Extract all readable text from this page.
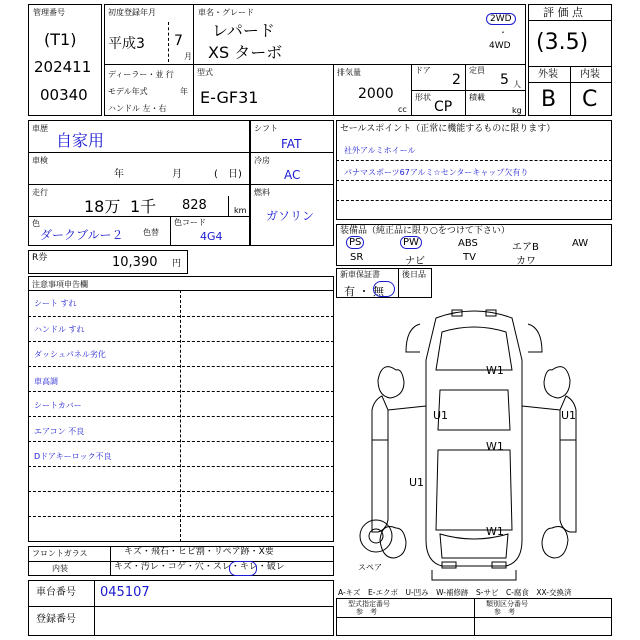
管理番号
(T1)
202411
00340
初度登録年月
平成3 7
月
車名・グレード
レパード
XS ターボ
2WD
・
4WD
ディーラー・並 行
モデル年式	年
ハンドル 左・右
型式
E-GF31
排気量
2000
cc
ドア
2
定員
5 人
形状
CP
積載
kg
評 価 点
(3.5)
外装 内装
B C
車歴
自家用
車検
年	月	( 日)
走行
18万 1千 828	km
色
ダークブルー２ 色替
色コード
4G4
シフト
FAT
冷房
AC
燃料
ガソリン
セールスポイント（正常に機能するものに限ります）
社外アルミホイール
パナマスポーツ67アルミ☆センターキャップ欠有り
装備品（純正品に限り○をつけて下さい）
PS	PW	ABS	エアB	AW
SR	ナビ	TV	カワ
R券	10,390 円
新車保証書	後日品
有 ・ 無
注意事項申告欄
シート すれ
ハンドル すれ
ダッシュパネル劣化
車高調
シートカバー
エアコン 不良
Dドアキーロック不良
W1
W1
W1
U1	U1
U1
スペア
A-キズ　E-エクボ　U-凹み　W-補修跡　S-サビ　C-腐食　XX-交換済
フロントガラス	キズ・飛石・ヒビ割・リペア跡・X要
内装	キズ・汚レ・コゲ・穴・スレ・キレ・破レ
車台番号 045107
登録番号
型式指定番号	類別区分番号
参　考	参　考
